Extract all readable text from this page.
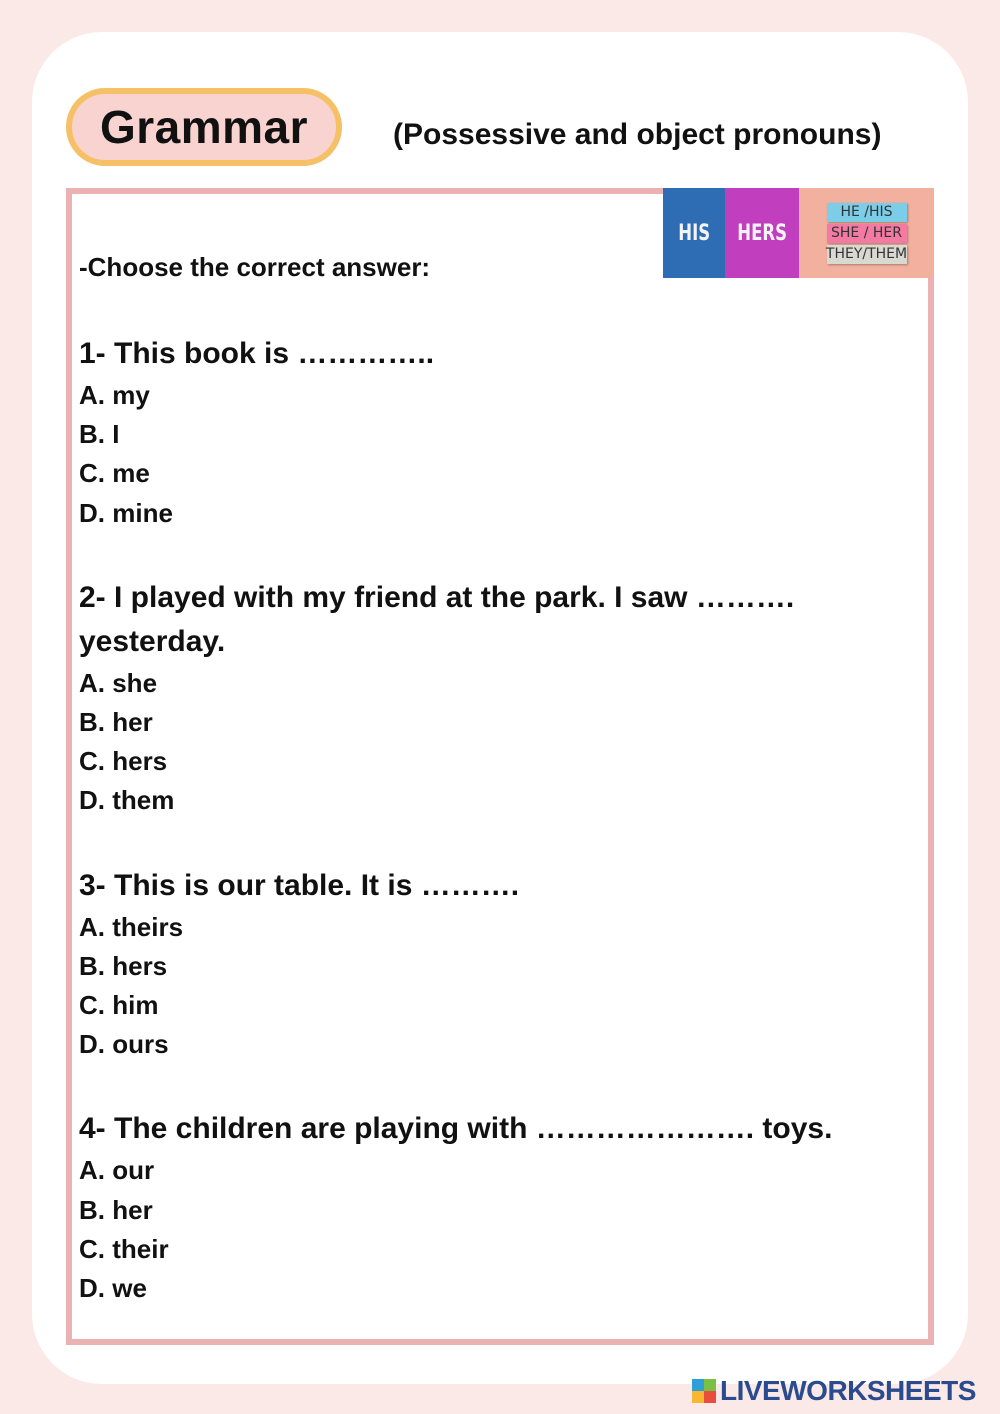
Grammar	(Possessive and object pronouns)
HIS HERS
HE /HIS
SHE / HER
THEY/THEM
-Choose the correct answer:
1- This book is …………..
A. my
B. I
C. me
D. mine
2- I played with my friend at the park. I saw ……….
yesterday.
A. she
B. her
C. hers
D. them
3- This is our table. It is ……….
A. theirs
B. hers
C. him
D. ours
4- The children are playing with …………………. toys.
A. our
B. her
C. their
D. we
LIVEWORKSHEETS
